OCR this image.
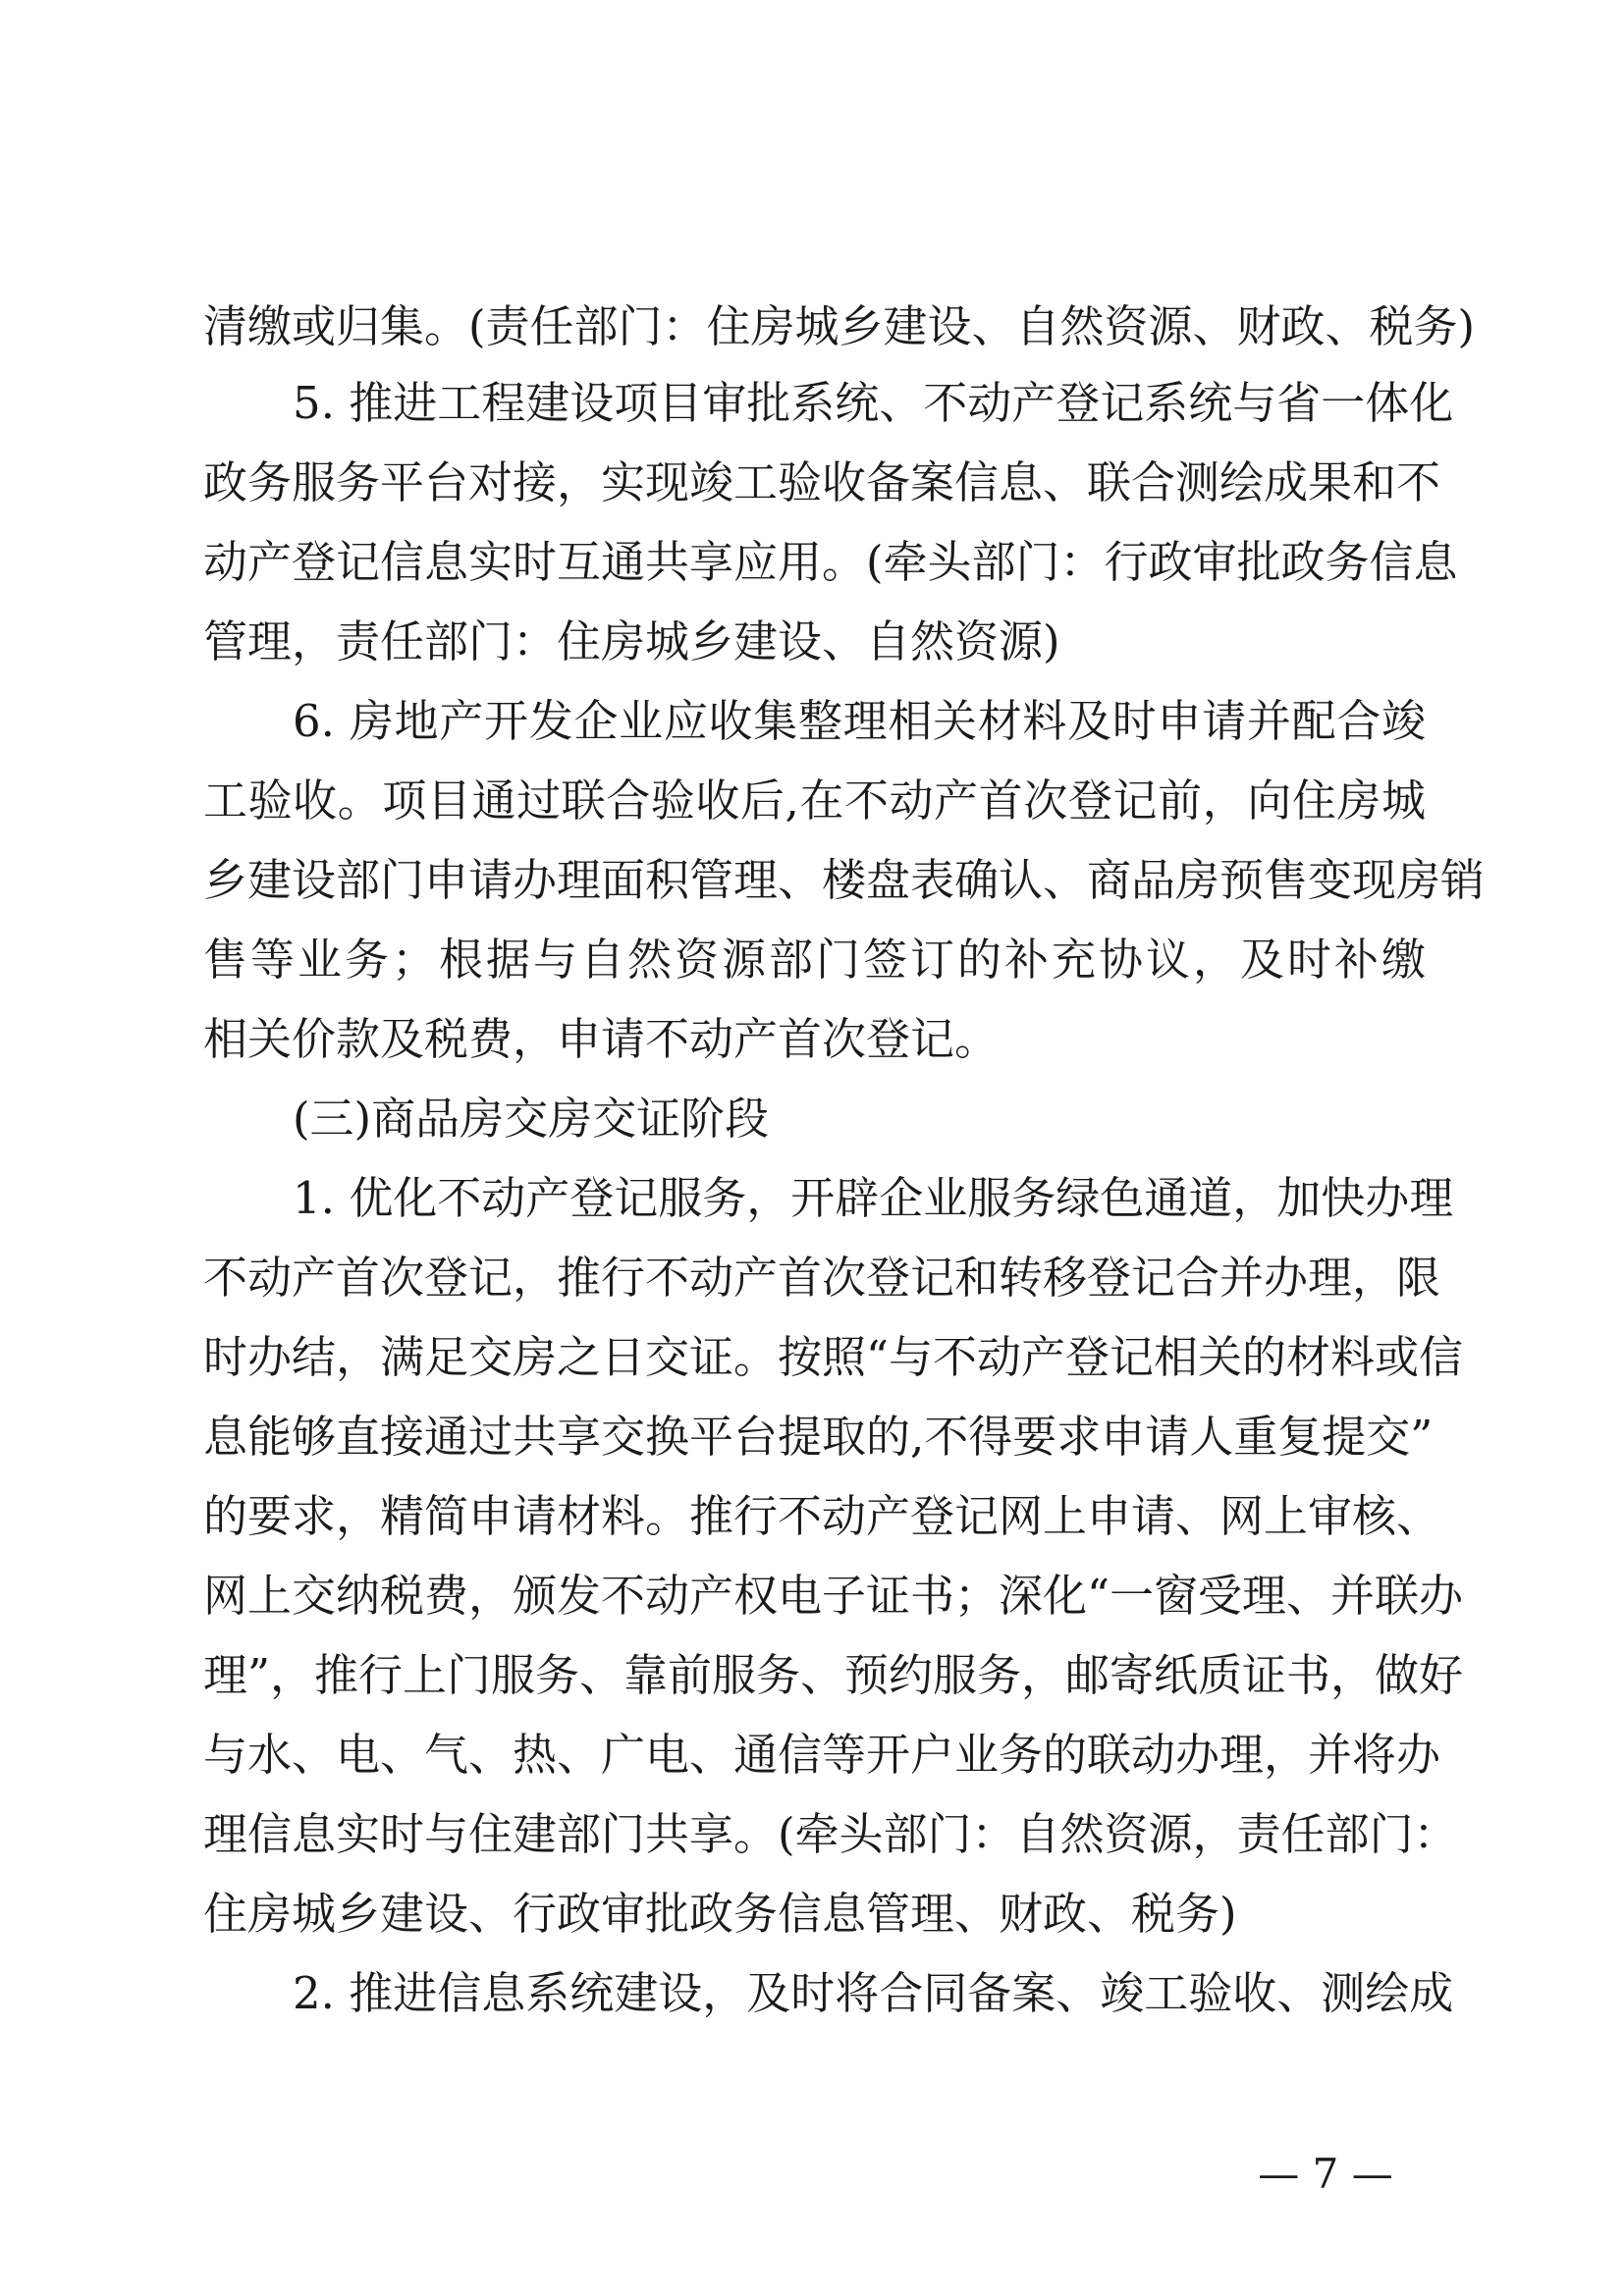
清缴或归集。(责任部门：住房城乡建设、自然资源、财政、税务)
5. 推进工程建设项目审批系统、不动产登记系统与省一体化
政务服务平台对接，实现竣工验收备案信息、联合测绘成果和不
动产登记信息实时互通共享应用。(牵头部门：行政审批政务信息
管理，责任部门：住房城乡建设、自然资源)
6. 房地产开发企业应收集整理相关材料及时申请并配合竣
工验收。项目通过联合验收后,在不动产首次登记前，向住房城
乡建设部门申请办理面积管理、楼盘表确认、商品房预售变现房销
售等业务；根据与自然资源部门签订的补充协议，及时补缴
相关价款及税费，申请不动产首次登记。
(三)商品房交房交证阶段
1. 优化不动产登记服务，开辟企业服务绿色通道，加快办理
不动产首次登记，推行不动产首次登记和转移登记合并办理，限
时办结，满足交房之日交证。按照“与不动产登记相关的材料或信
息能够直接通过共享交换平台提取的,不得要求申请人重复提交”
的要求，精简申请材料。推行不动产登记网上申请、网上审核、
网上交纳税费，颁发不动产权电子证书；深化“一窗受理、并联办
理”，推行上门服务、靠前服务、预约服务，邮寄纸质证书，做好
与水、电、气、热、广电、通信等开户业务的联动办理，并将办
理信息实时与住建部门共享。(牵头部门：自然资源，责任部门：
住房城乡建设、行政审批政务信息管理、财政、税务)
2. 推进信息系统建设，及时将合同备案、竣工验收、测绘成
— 7 —
